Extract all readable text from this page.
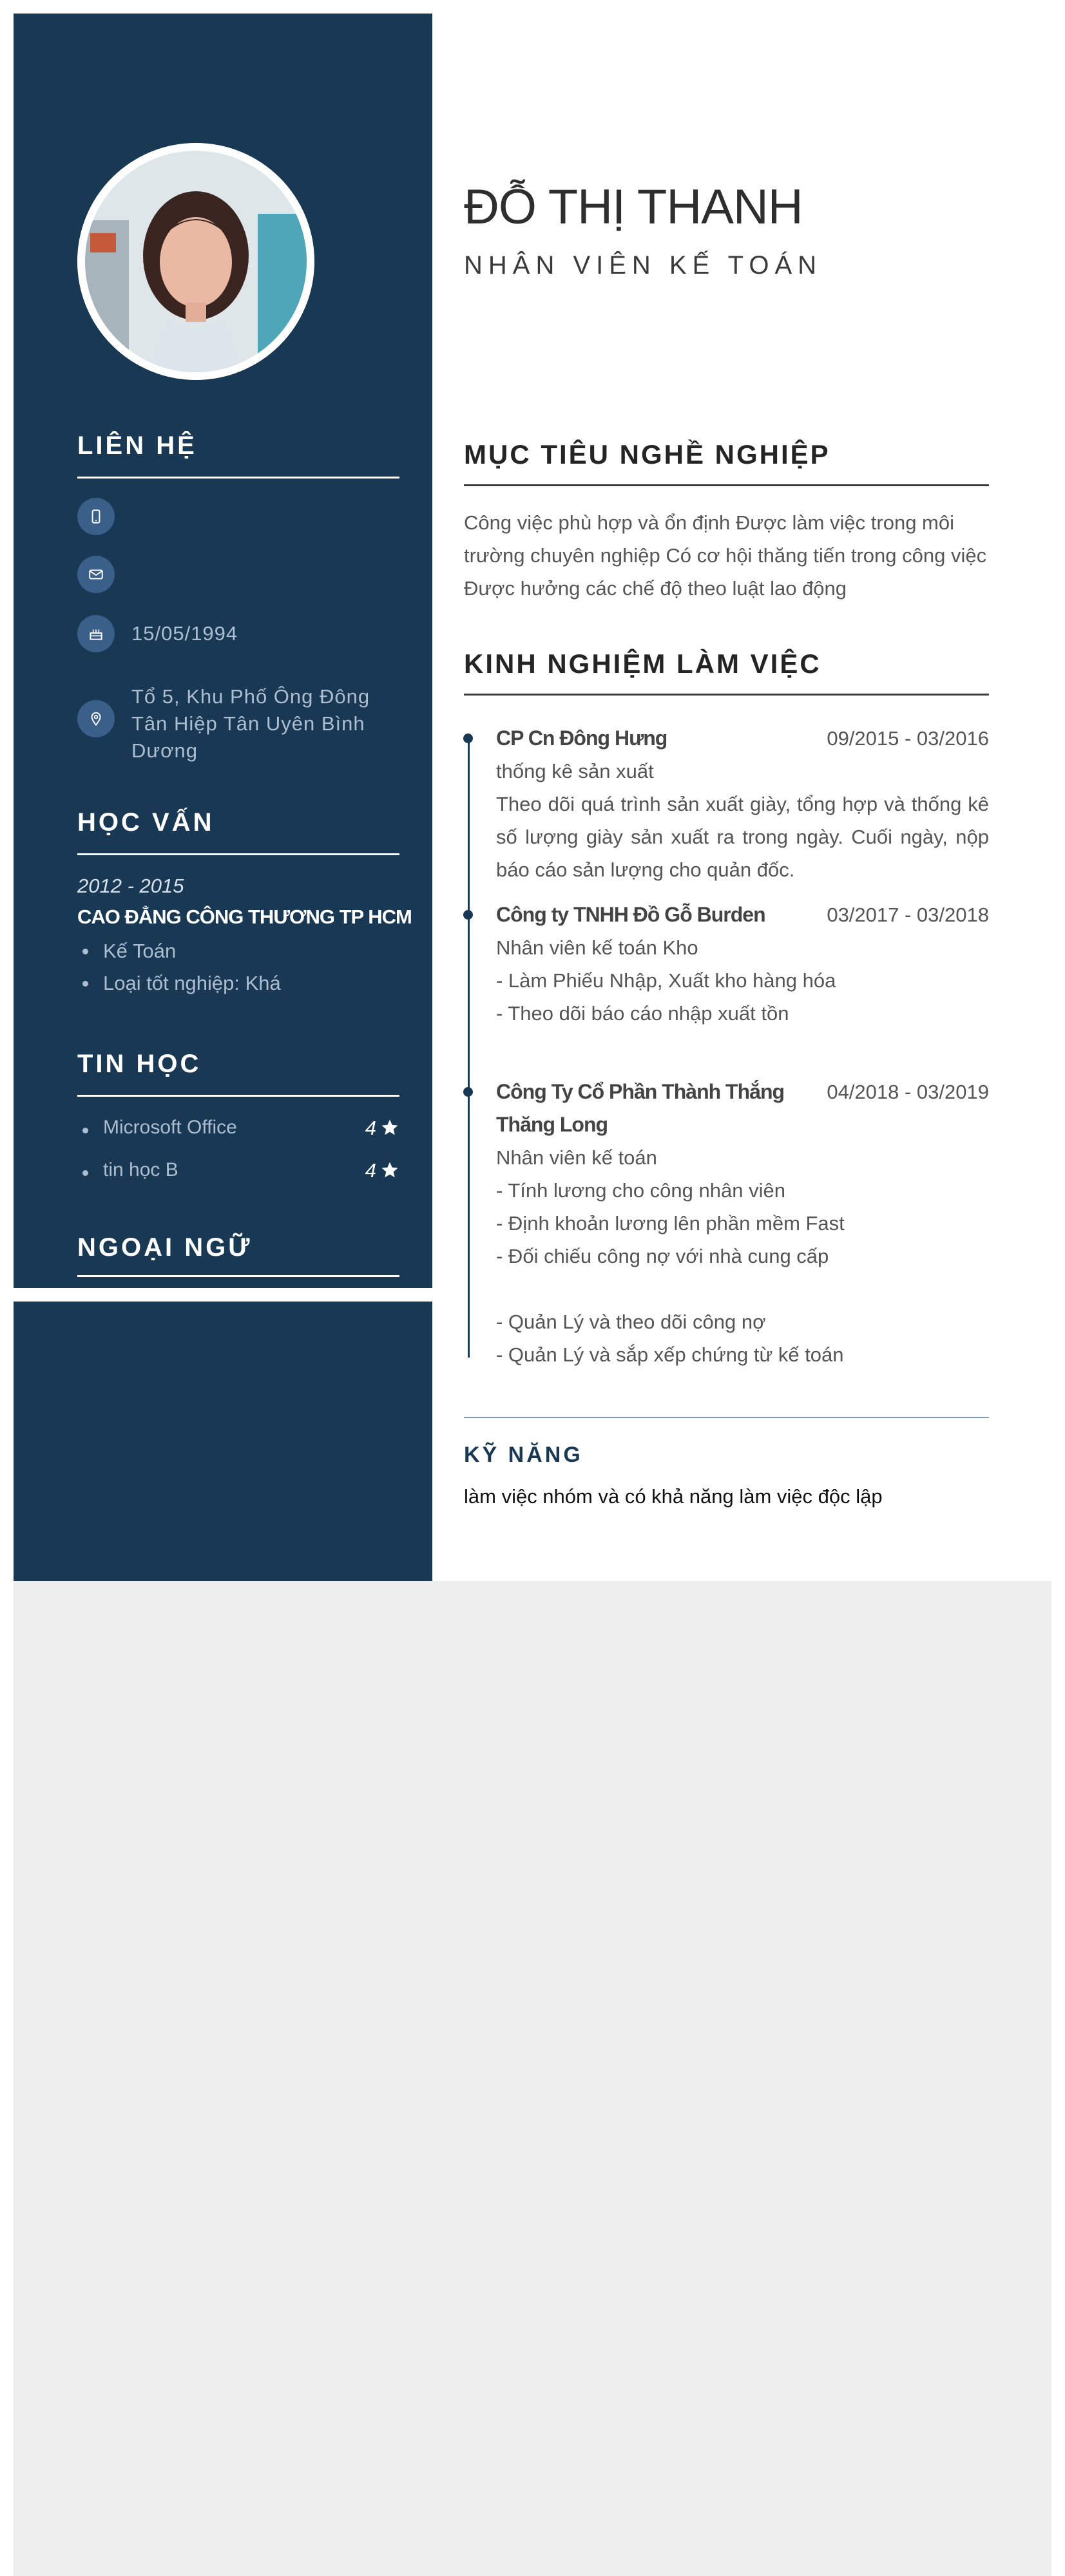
LIÊN HỆ
15/05/1994
Tổ 5, Khu Phố Ông Đông
Tân Hiệp Tân Uyên Bình
Dương
HỌC VẤN
2012 - 2015
CAO ĐẲNG CÔNG THƯƠNG TP HCM
Kế Toán
Loại tốt nghiệp: Khá
TIN HỌC
Microsoft Office	4
tin học B	4
NGOẠI NGỮ
ĐỖ THỊ THANH
NHÂN VIÊN KẾ TOÁN
MỤC TIÊU NGHỀ NGHIỆP
Công việc phù hợp và ổn định Được làm việc trong môi trường chuyên nghiệp Có cơ hội thăng tiến trong công việc Được hưởng các chế độ theo luật lao động
KINH NGHIỆM LÀM VIỆC
CP Cn Đông Hưng	09/2015 - 03/2016
thống kê sản xuất
Theo dõi quá trình sản xuất giày, tổng hợp và thống kê số lượng giày sản xuất ra trong ngày. Cuối ngày, nộp báo cáo sản lượng cho quản đốc.
Công ty TNHH Đồ Gỗ Burden	03/2017 - 03/2018
Nhân viên kế toán Kho
- Làm Phiếu Nhập, Xuất kho hàng hóa
- Theo dõi báo cáo nhập xuất tồn
Công Ty Cổ Phần Thành Thắng
Thăng Long
04/2018 - 03/2019
Nhân viên kế toán
- Tính lương cho công nhân viên
- Định khoản lương lên phần mềm Fast
- Đối chiếu công nợ với nhà cung cấp
- Quản Lý và theo dõi công nợ
- Quản Lý và sắp xếp chứng từ kế toán
KỸ NĂNG
làm việc nhóm và có khả năng làm việc độc lập
